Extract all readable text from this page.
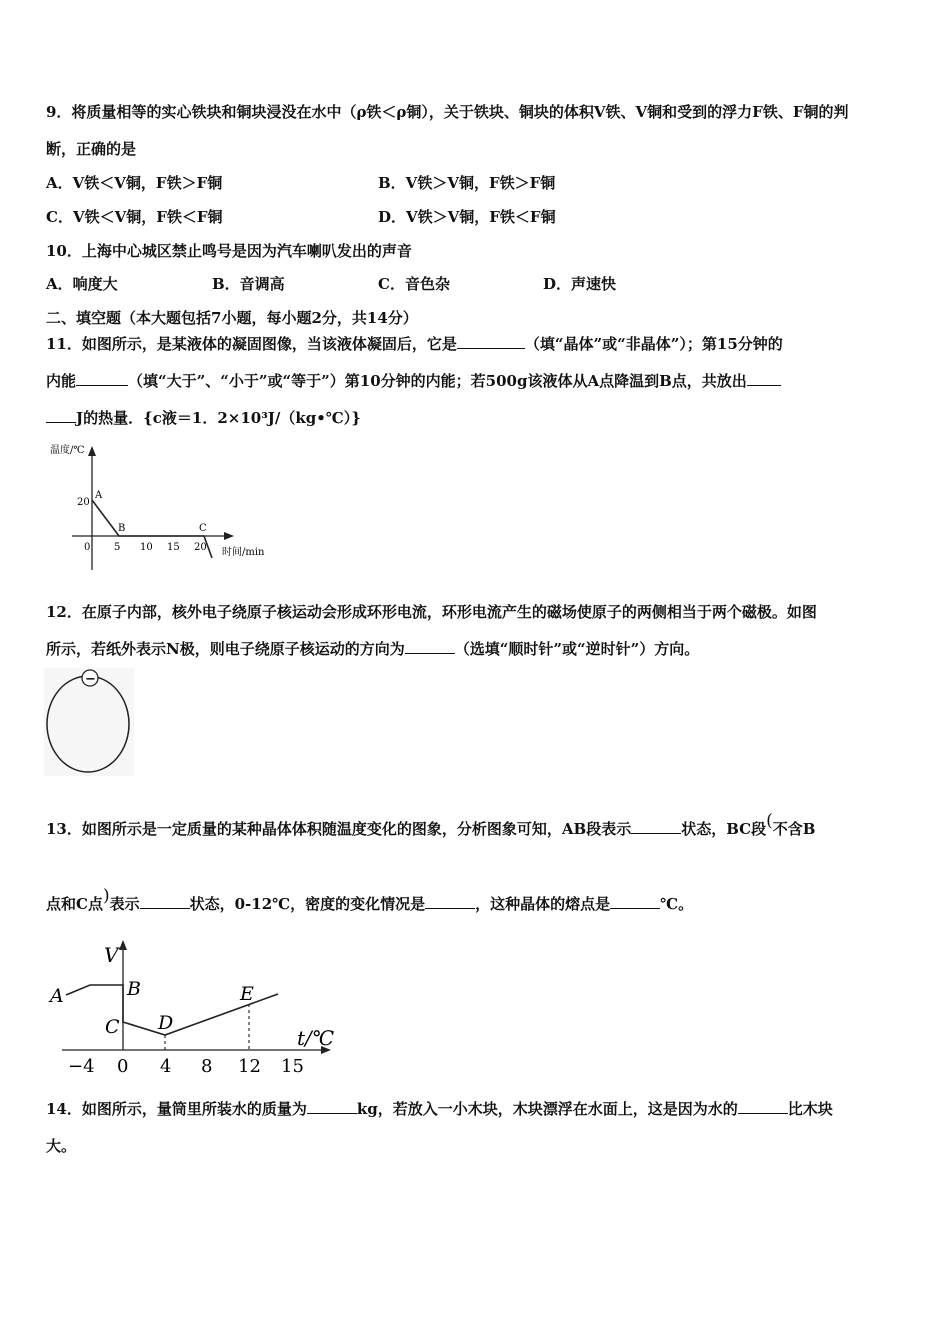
9．将质量相等的实心铁块和铜块浸没在水中（ρ铁＜ρ铜），关于铁块、铜块的体积V铁、V铜和受到的浮力F铁、F铜的判
断，正确的是
A．V铁＜V铜，F铁＞F铜	B．V铁＞V铜，F铁＞F铜
C．V铁＜V铜，F铁＜F铜	D．V铁＞V铜，F铁＜F铜
10．上海中心城区禁止鸣号是因为汽车喇叭发出的声音
A．响度大	B．音调高	C．音色杂	D．声速快
二、填空题（本大题包括7小题，每小题2分，共14分）
11．如图所示，是某液体的凝固图像，当该液体凝固后，它是	（填“晶体”或“非晶体”）；第15分钟的
内能	（填“大于”、“小于”或“等于”）第10分钟的内能；若500g该液体从A点降温到B点，共放出
J的热量．{c液＝1．2×10³J/（kg•℃）}
温度/℃
时间/min
20
0 5 10 15 20
A
B	C
12．在原子内部，核外电子绕原子核运动会形成环形电流，环形电流产生的磁场使原子的两侧相当于两个磁极。如图
所示，若纸外表示N极，则电子绕原子核运动的方向为	（选填“顺时针”或“逆时针”）方向。
−
13．如图所示是一定质量的某种晶体体积随温度变化的图象，分析图象可知，AB段表示	状态，BC段(不含B
点和C点)表示	状态，0-12℃，密度的变化情况是	，这种晶体的熔点是	℃。
V
t/℃
−4 0 4 8 12 15
A	B
C D
E
14．如图所示，量筒里所装水的质量为	kg，若放入一小木块，木块漂浮在水面上，这是因为水的	比木块
大。
